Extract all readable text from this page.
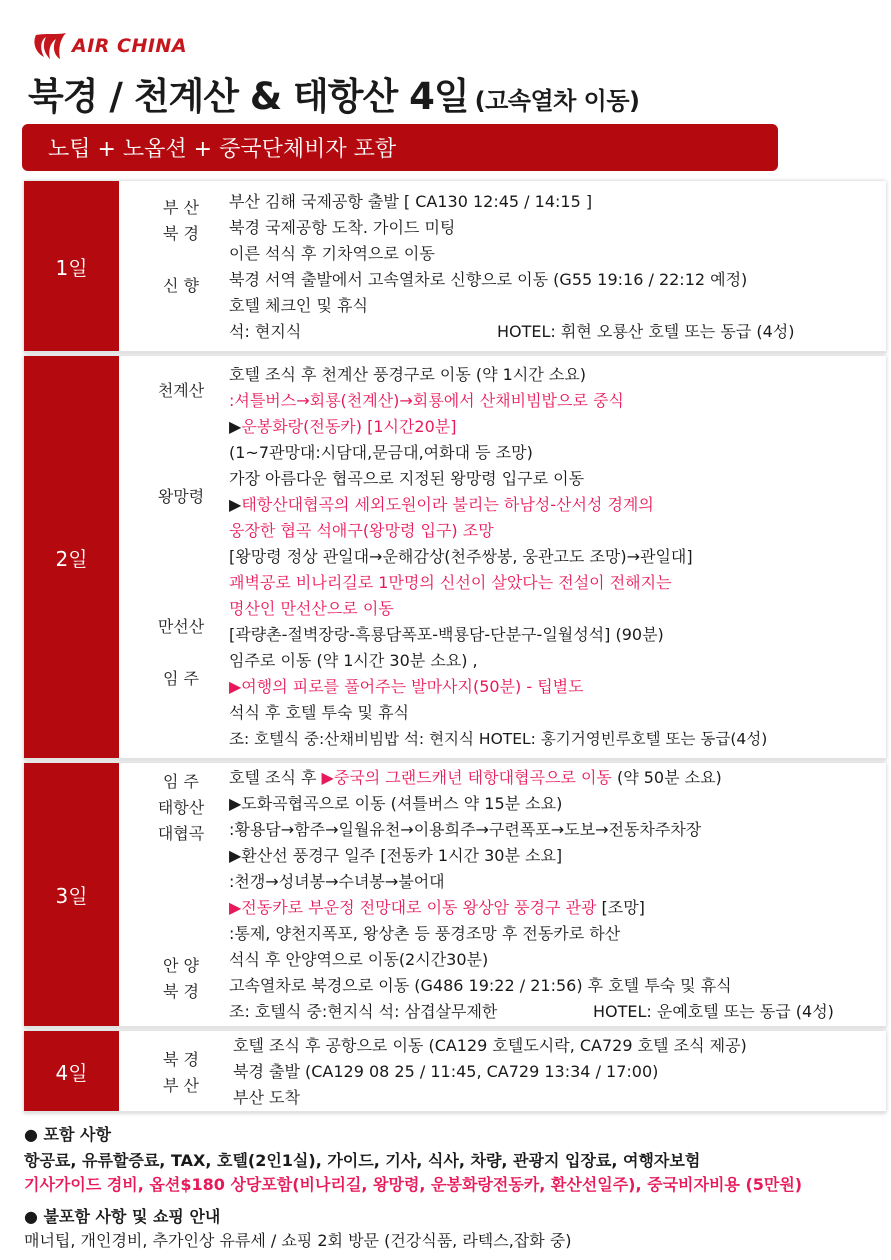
AIR CHINA
북경 / 천계산 & 태항산 4일 (고속열차 이동)
노팁 + 노옵션 + 중국단체비자 포함
1일
부 산
북 경
신 향
부산 김해 국제공항 출발 [ CA130 12:45 / 14:15 ]
북경 국제공항 도착. 가이드 미팅
이른 석식 후 기차역으로 이동
북경 서역 출발에서 고속열차로 신향으로 이동 (G55 19:16 / 22:12 예정)
호텔 체크인 및 휴식
석: 현지식	HOTEL: 휘현 오룡산 호텔 또는 동급 (4성)
2일
천계산
왕망령
만선산
임 주
호텔 조식 후 천계산 풍경구로 이동 (약 1시간 소요)
:셔틀버스→회룡(천계산)→회룡에서 산채비빔밥으로 중식
▶운봉화랑(전동카) [1시간20분]
(1~7관망대:시담대,문금대,여화대 등 조망)
가장 아름다운 협곡으로 지정된 왕망령 입구로 이동
▶태항산대협곡의 세외도원이라 불리는 하남성-산서성 경계의
웅장한 협곡 석애구(왕망령 입구) 조망
[왕망령 정상 관일대→운해감상(천주쌍봉, 웅관고도 조망)→관일대]
괘벽공로 비나리길로 1만명의 신선이 살았다는 전설이 전해지는
명산인 만선산으로 이동
[곽량촌-절벽장랑-흑룡담폭포-백룡담-단분구-일월성석] (90분)
임주로 이동 (약 1시간 30분 소요) ,
▶여행의 피로를 풀어주는 발마사지(50분) - 팁별도
석식 후 호텔 투숙 및 휴식
조: 호텔식 중:산채비빔밥 석: 현지식 HOTEL: 홍기거영빈루호텔 또는 동급(4성)
3일
임 주
태항산
대협곡
안 양
북 경
호텔 조식 후 ▶중국의 그랜드캐년 태항대협곡으로 이동 (약 50분 소요)
▶도화곡협곡으로 이동 (셔틀버스 약 15분 소요)
:황용담→함주→일월유천→이용희주→구련폭포→도보→전동차주차장
▶환산선 풍경구 일주 [전동카 1시간 30분 소요]
:천갱→성녀봉→수녀봉→불어대
▶전동카로 부운정 전망대로 이동 왕상암 풍경구 관광 [조망]
:통제, 양천지폭포, 왕상촌 등 풍경조망 후 전동카로 하산
석식 후 안양역으로 이동(2시간30분)
고속열차로 북경으로 이동 (G486 19:22 / 21:56) 후 호텔 투숙 및 휴식
조: 호텔식 중:현지식 석: 삼겹살무제한	HOTEL: 운예호텔 또는 동급 (4성)
4일
북 경
부 산
호텔 조식 후 공항으로 이동 (CA129 호텔도시락, CA729 호텔 조식 제공)
북경 출발 (CA129 08 25 / 11:45, CA729 13:34 / 17:00)
부산 도착
● 포함 사항
항공료, 유류할증료, TAX, 호텔(2인1실), 가이드, 기사, 식사, 차량, 관광지 입장료, 여행자보험
기사가이드 경비, 옵션$180 상당포함(비나리길, 왕망령, 운봉화랑전동카, 환산선일주), 중국비자비용 (5만원)
● 불포함 사항 및 쇼핑 안내
매너팁, 개인경비, 추가인상 유류세 / 쇼핑 2회 방문 (건강식품, 라텍스,잡화 중)
